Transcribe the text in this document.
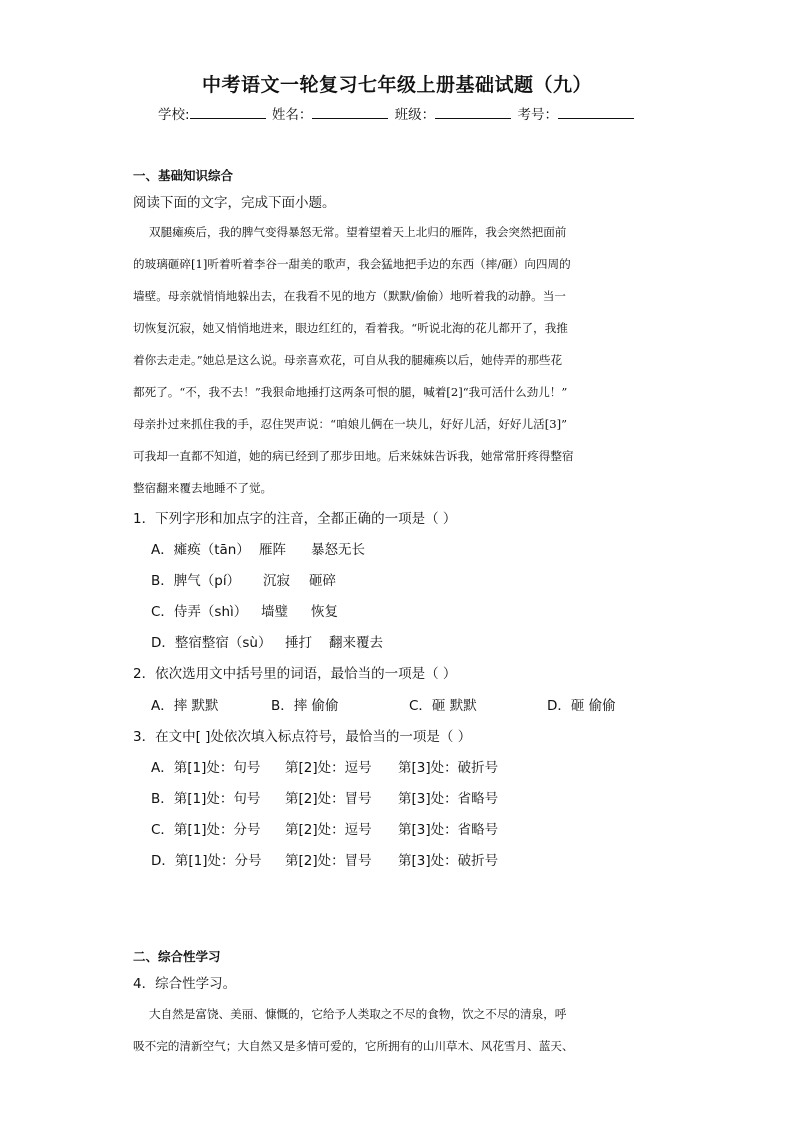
中考语文一轮复习七年级上册基础试题（九）
学校:	姓名：	班级：	考号：
一、基础知识综合
阅读下面的文字，完成下面小题。
双腿瘫痪后，我的脾气变得暴怒无常。望着望着天上北归的雁阵，我会突然把面前
的玻璃砸碎[1]听着听着李谷一甜美的歌声，我会猛地把手边的东西（摔/砸）向四周的
墙壁。母亲就悄悄地躲出去，在我看不见的地方（默默/偷偷）地听着我的动静。当一
切恢复沉寂，她又悄悄地进来，眼边红红的，看着我。“听说北海的花儿都开了，我推
着你去走走。”她总是这么说。母亲喜欢花，可自从我的腿瘫痪以后，她侍弄的那些花
都死了。“不，我不去！”我狠命地捶打这两条可恨的腿，喊着[2]“我可活什么劲儿！”
母亲扑过来抓住我的手，忍住哭声说：“咱娘儿俩在一块儿，好好儿活，好好儿活[3]”
可我却一直都不知道，她的病已经到了那步田地。后来妹妹告诉我，她常常肝疼得整宿
整宿翻来覆去地睡不了觉。
1．下列字形和加点字的注音，全都正确的一项是（ ）
A．瘫痪（tān） 雁阵 暴怒无长
B．脾气（pí） 沉寂 砸碎
C．侍弄（shì） 墙璧 恢复
D．整宿整宿（sù） 捶打 翻来覆去
2．依次选用文中括号里的词语，最恰当的一项是（ ）
A．摔 默默	B．摔 偷偷	C．砸 默默	D．砸 偷偷
3．在文中[ ]处依次填入标点符号，最恰当的一项是（ ）
A．第[1]处：句号 第[2]处：逗号 第[3]处：破折号
B．第[1]处：句号 第[2]处：冒号 第[3]处：省略号
C．第[1]处：分号 第[2]处：逗号 第[3]处：省略号
D．第[1]处：分号 第[2]处：冒号 第[3]处：破折号
二、综合性学习
4．综合性学习。
大自然是富饶、美丽、慷慨的，它给予人类取之不尽的食物，饮之不尽的清泉，呼
吸不完的清新空气；大自然又是多情可爱的，它所拥有的山川草木、风花雪月、蓝天、
